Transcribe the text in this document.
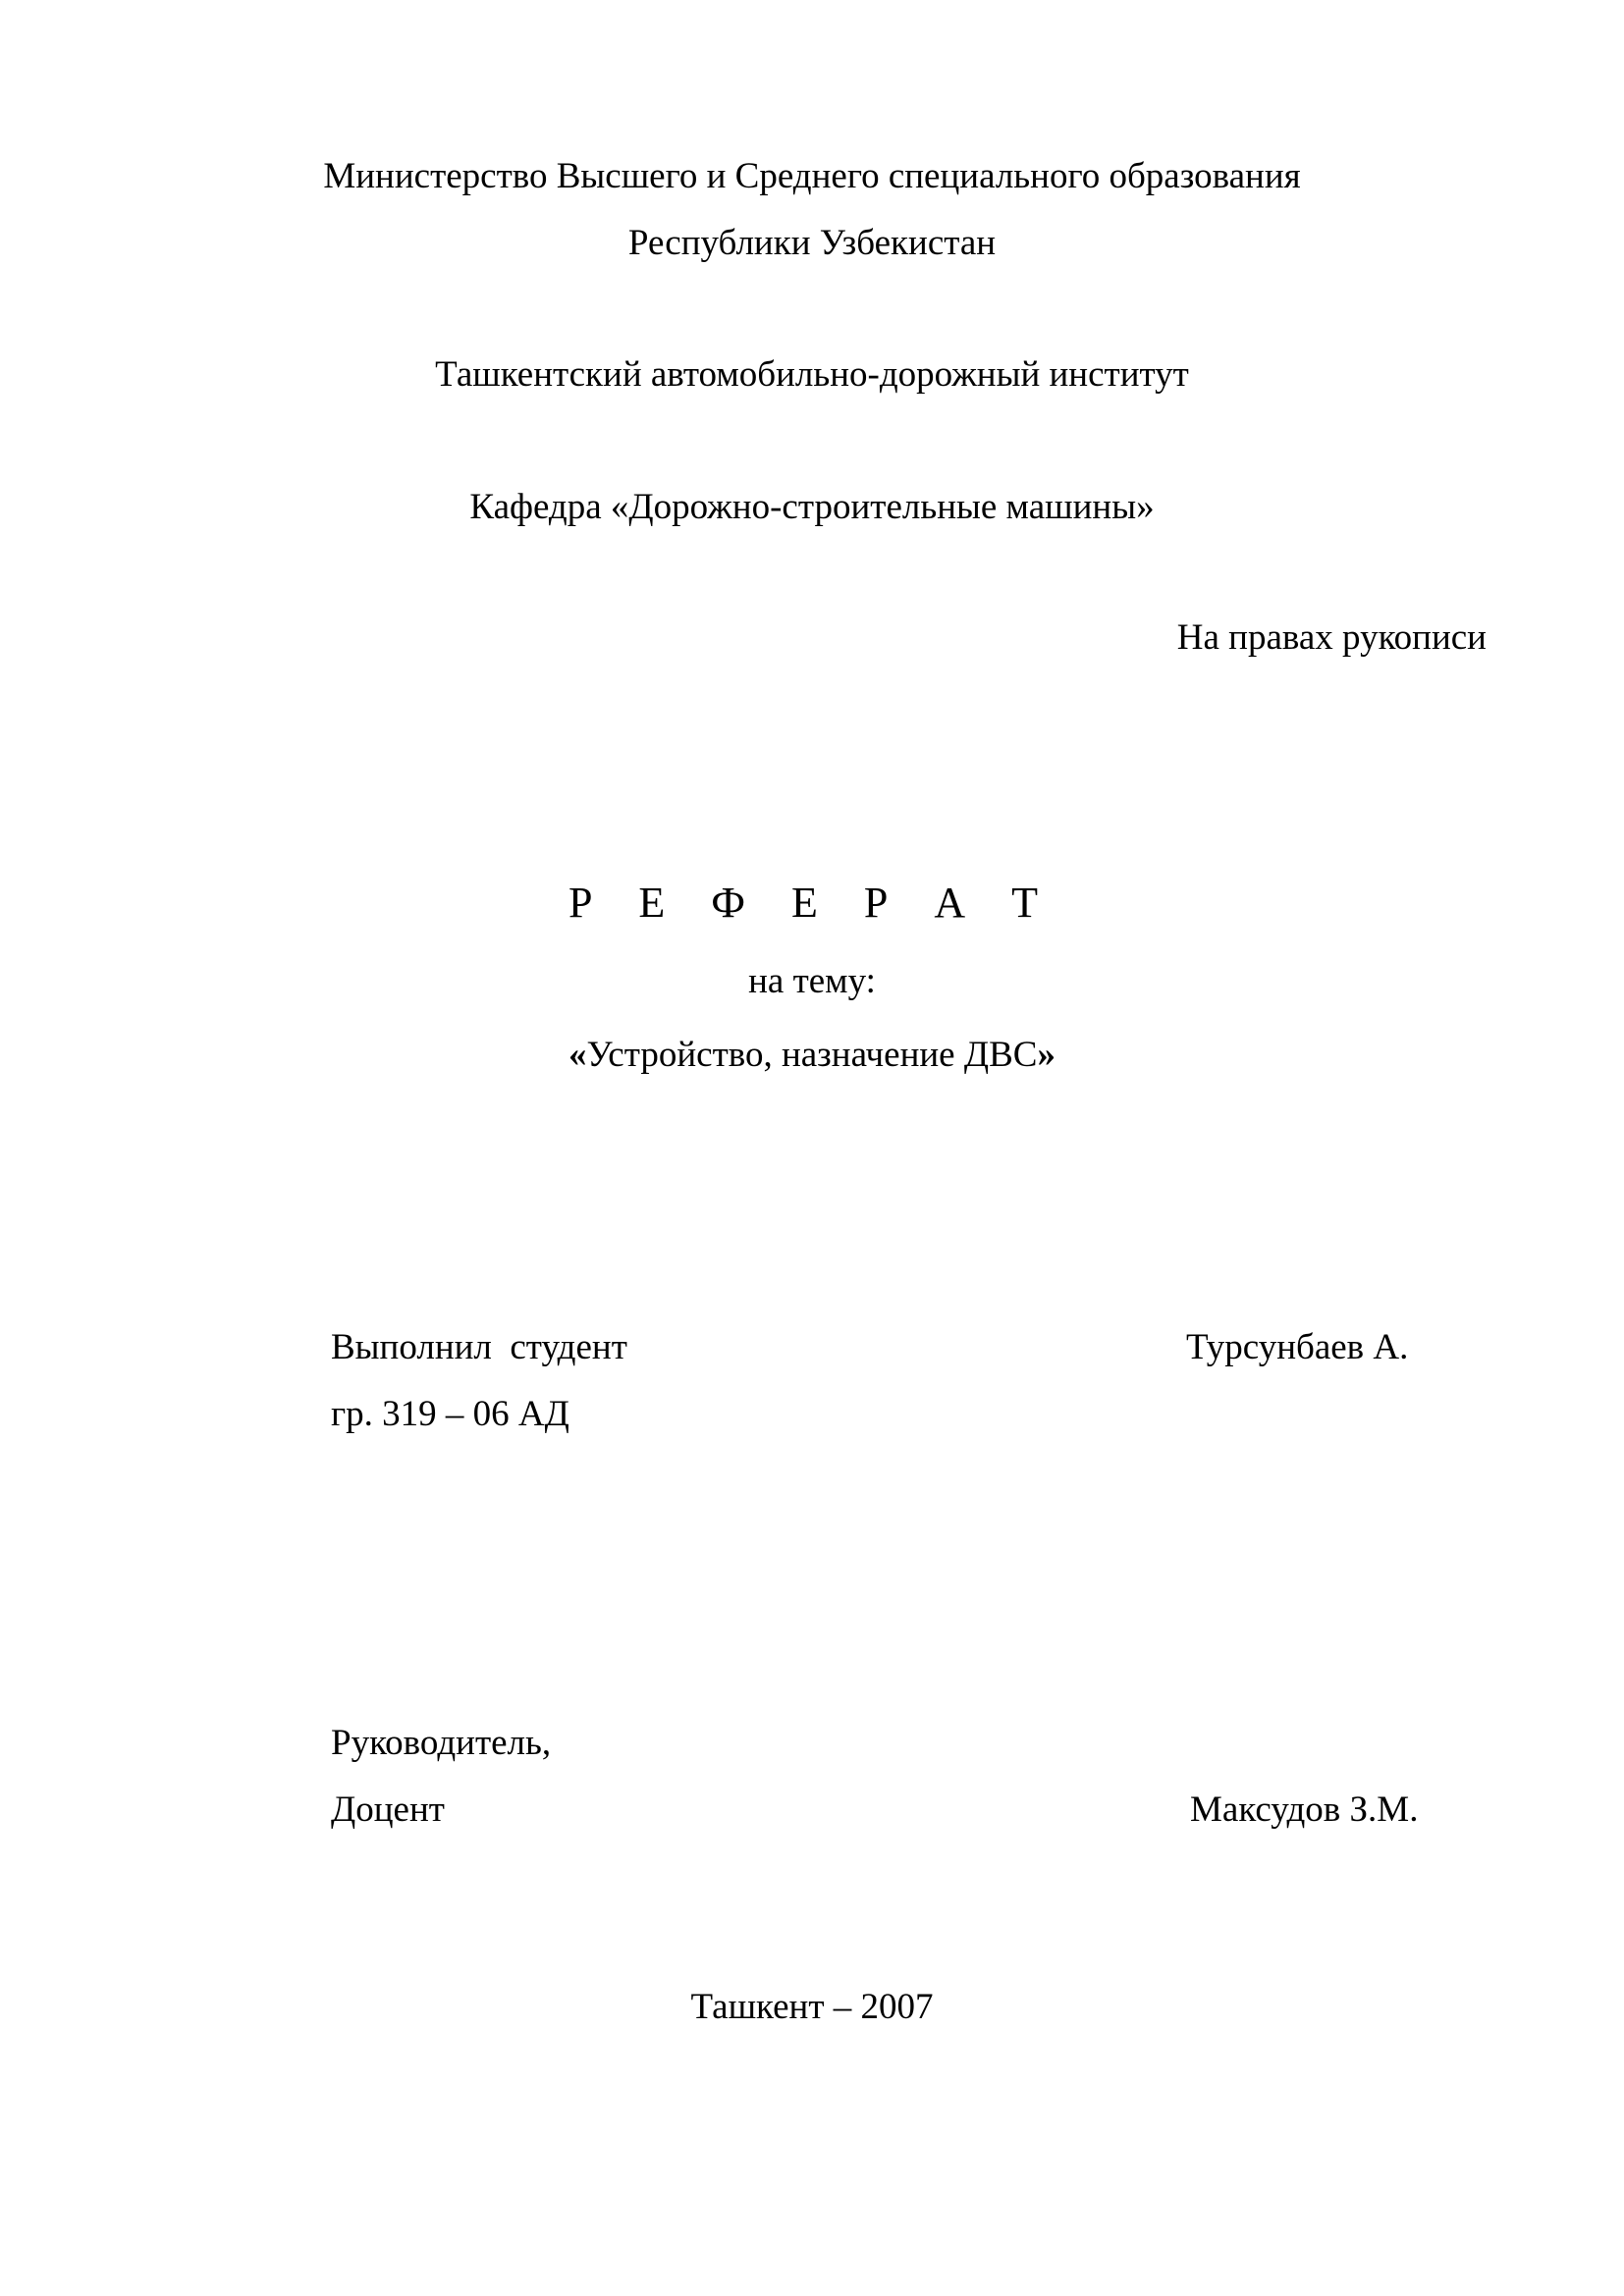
Министерство Высшего и Среднего специального образования
Республики Узбекистан
Ташкентский автомобильно-дорожный институт
Кафедра «Дорожно-строительные машины»
На правах рукописи
Р Е Ф Е Р А Т
на тему:
«Устройство, назначение ДВС»
Выполнил  студент	Турсунбаев А.
гр. 319 – 06 АД
Руководитель,
Доцент	Максудов З.М.
Ташкент – 2007
